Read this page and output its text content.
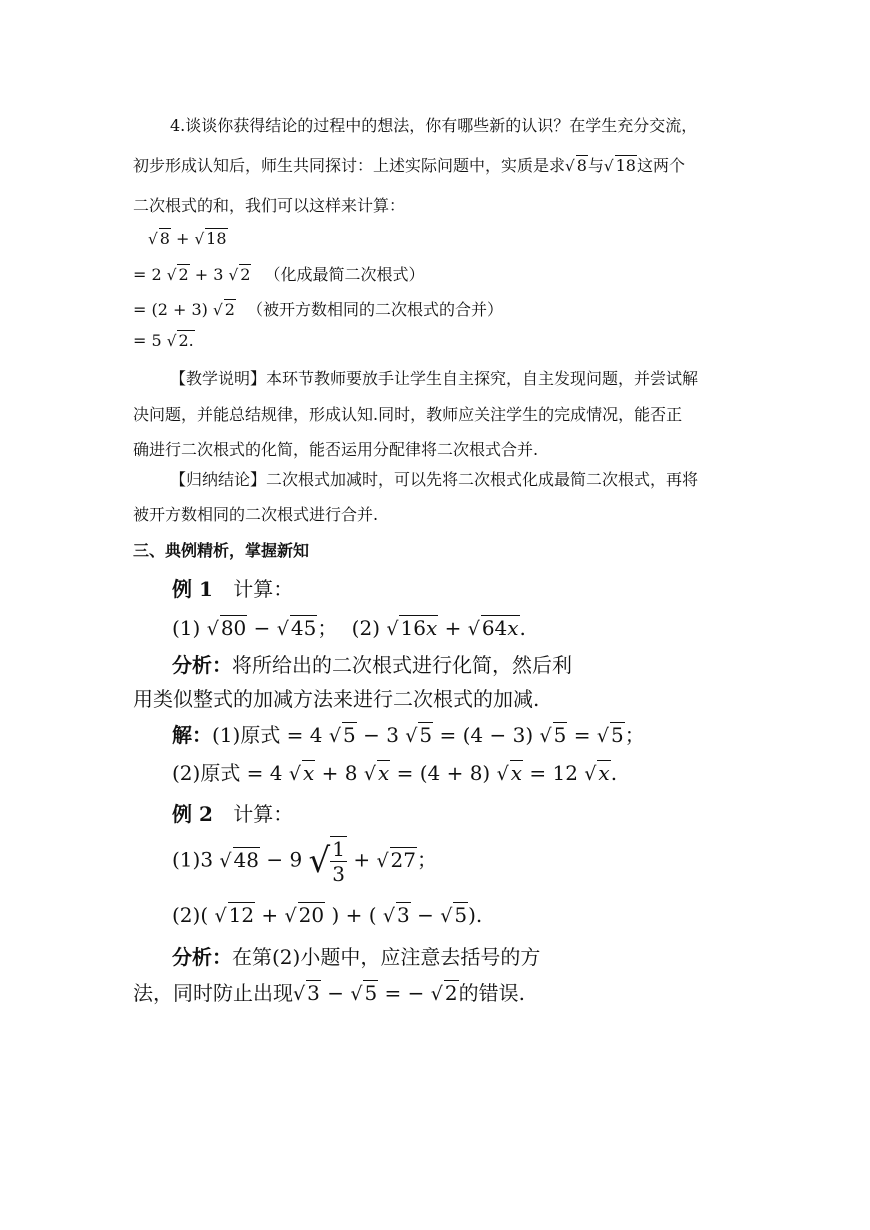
4.谈谈你获得结论的过程中的想法，你有哪些新的认识？在学生充分交流，
初步形成认知后，师生共同探讨：上述实际问题中，实质是求√ 8与√ 18这两个
二次根式的和，我们可以这样来计算：
√ 8 + √ 18
= 2 √ 2 + 3 √ 2 （化成最简二次根式）
= (2 + 3) √ 2 （被开方数相同的二次根式的合并）
= 5 √ 2.
【教学说明】本环节教师要放手让学生自主探究，自主发现问题，并尝试解
决问题，并能总结规律，形成认知.同时，教师应关注学生的完成情况，能否正
确进行二次根式的化简，能否运用分配律将二次根式合并.
【归纳结论】二次根式加减时，可以先将二次根式化成最简二次根式，再将
被开方数相同的二次根式进行合并.
三、典例精析，掌握新知
例 1 计算：
(1) √ 80 − √ 45； (2) √ 16x + √ 64x.
分析：将所给出的二次根式进行化简，然后利
用类似整式的加减方法来进行二次根式的加减.
解：(1)原式 = 4 √ 5 − 3 √ 5 = (4 − 3) √ 5 = √ 5；
(2)原式 = 4 √ x + 8 √ x = (4 + 8) √ x = 12 √ x.
例 2 计算：
(1)3 √ 48 − 9 √ $\frac{1}{3}$ + √ 27；
(2)( √ 12 + √ 20 ) + ( √ 3 − √ 5).
分析：在第(2)小题中，应注意去括号的方
法，同时防止出现√ 3 − √ 5 = − √ 2的错误.
